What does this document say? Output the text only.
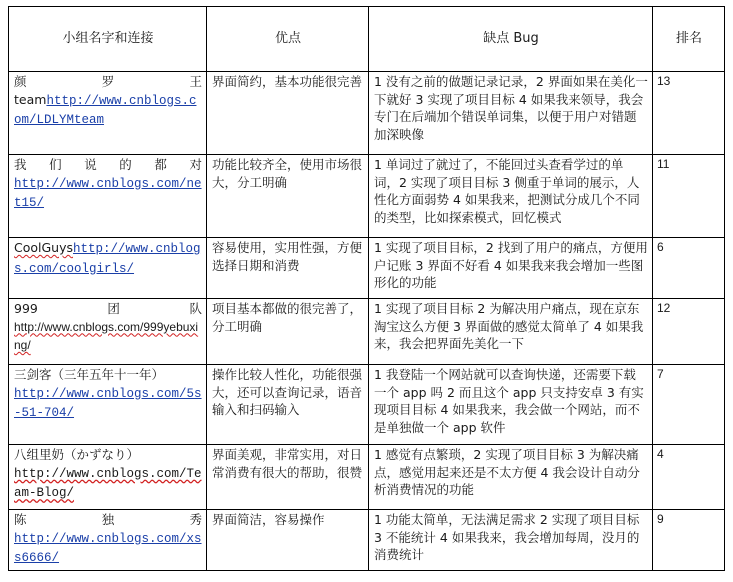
小组名字和连接	优点	缺点 Bug	排名

颜　罗　王
teamhttp://www.cnblogs.com/LDLYMteam	界面简约，基本功能很完善	1 没有之前的做题记录记录，2 界面如果在美化一下就好 3 实现了项目目标 4 如果我来领导，我会专门在后端加个错误单词集，以便于用户对错题加深映像	13

我们说的都对
http://www.cnblogs.com/net15/	功能比较齐全，使用市场很大，分工明确	1 单词过了就过了，不能回过头查看学过的单词，2 实现了项目目标 3 侧重于单词的展示，人性化方面弱势 4 如果我来，把测试分成几个不同的类型，比如探索模式，回忆模式	11
CoolGuyshttp://www.cnblogs.com/coolgirls/	容易使用，实用性强，方便选择日期和消费	1 实现了项目目标，2 找到了用户的痛点，方便用户记账 3 界面不好看 4 如果我来我会增加一些图形化的功能	6

999　　团　　队
http://www.cnblogs.com/999yebuxing/	项目基本都做的很完善了，分工明确	1 实现了项目目标 2 为解决用户痛点，现在京东淘宝这么方便 3 界面做的感觉太简单了 4 如果我来，我会把界面先美化一下	12

三剑客（三年五年十一年）
http://www.cnblogs.com/5s-51-704/	操作比较人性化，功能很强大，还可以查询记录，语音输入和扫码输入	1 我登陆一个网站就可以查询快递，还需要下载一个 app 吗 2 而且这个 app 只支持安卓 3 有实现项目目标 4 如果我来，我会做一个网站，而不是单独做一个 app 软件	7

八组里奶（かずなり）
http://www.cnblogs.com/Team-Blog/	界面美观，非常实用，对日常消费有很大的帮助，很赞	1 感觉有点繁琐，2 实现了项目目标 3 为解决痛点，感觉用起来还是不太方便 4 我会设计自动分析消费情况的功能	4

陈　　独　　秀
http://www.cnblogs.com/xss6666/	界面简洁，容易操作	1 功能太简单，无法满足需求 2 实现了项目目标 3 不能统计 4 如果我来，我会增加每周，没月的消费统计	9
